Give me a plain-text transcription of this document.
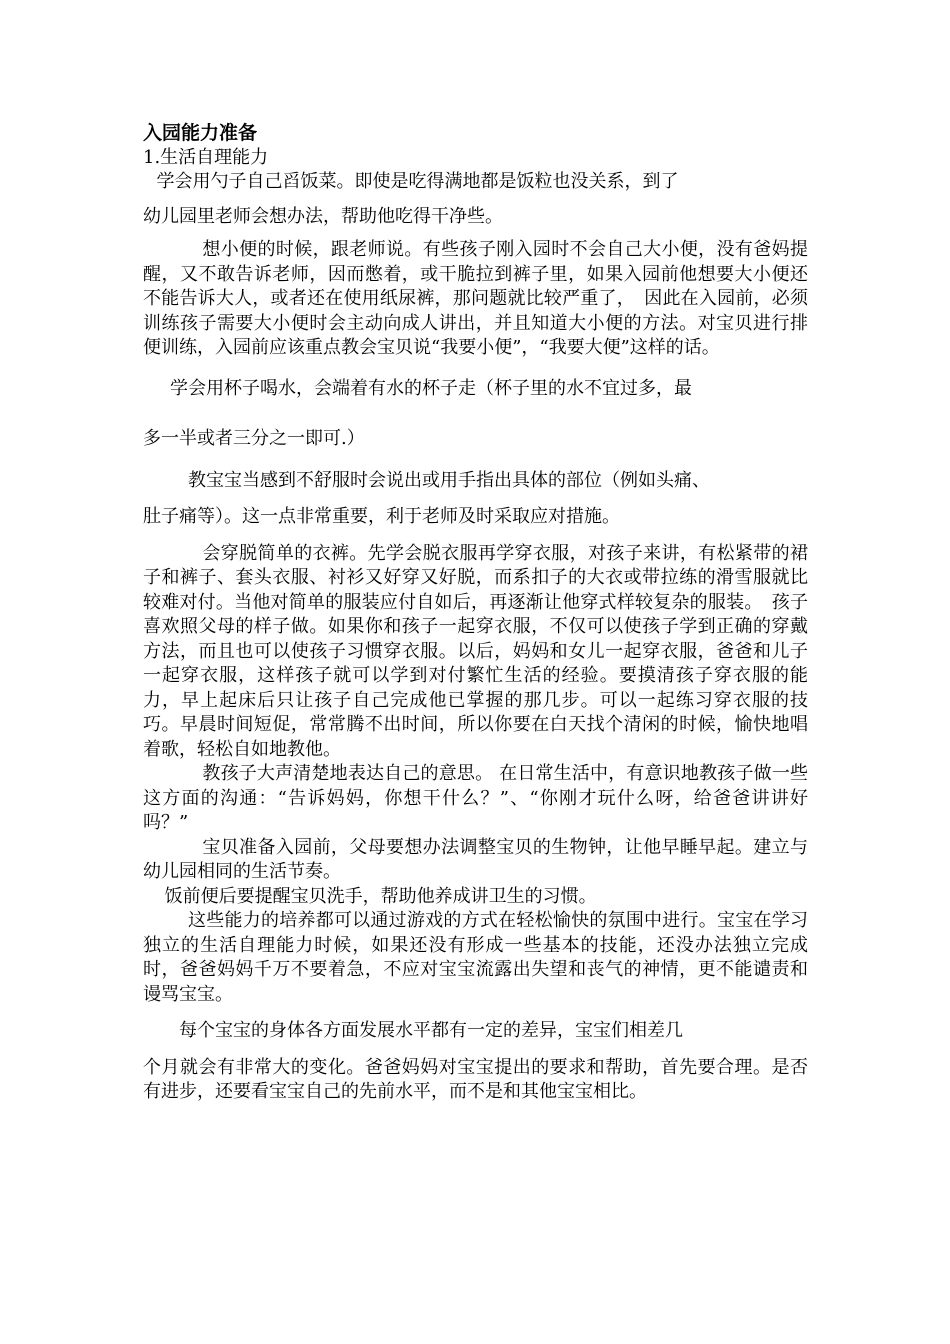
入园能力准备
1.生活自理能力

学会用勺子自己舀饭菜。即使是吃得满地都是饭粒也没关系，到了

幼儿园里老师会想办法，帮助他吃得干净些。

想小便的时候，跟老师说。有些孩子刚入园时不会自己大小便，没有爸妈提醒，又不敢告诉老师，因而憋着，或干脆拉到裤子里，如果入园前他想要大小便还不能告诉大人，或者还在使用纸尿裤，那问题就比较严重了，　因此在入园前，必须训练孩子需要大小便时会主动向成人讲出，并且知道大小便的方法。对宝贝进行排便训练，入园前应该重点教会宝贝说“我要小便”，“我要大便”这样的话。

学会用杯子喝水，会端着有水的杯子走（杯子里的水不宜过多，最

多一半或者三分之一即可.）

教宝宝当感到不舒服时会说出或用手指出具体的部位（例如头痛、

肚子痛等）。这一点非常重要，利于老师及时采取应对措施。

会穿脱简单的衣裤。先学会脱衣服再学穿衣服，对孩子来讲，有松紧带的裙子和裤子、套头衣服、衬衫又好穿又好脱，而系扣子的大衣或带拉练的滑雪服就比较难对付。当他对简单的服装应付自如后，再逐渐让他穿式样较复杂的服装。　孩子喜欢照父母的样子做。如果你和孩子一起穿衣服，不仅可以使孩子学到正确的穿戴方法，而且也可以使孩子习惯穿衣服。以后，妈妈和女儿一起穿衣服，爸爸和儿子一起穿衣服，这样孩子就可以学到对付繁忙生活的经验。要摸清孩子穿衣服的能力，早上起床后只让孩子自己完成他已掌握的那几步。可以一起练习穿衣服的技巧。早晨时间短促，常常腾不出时间，所以你要在白天找个清闲的时候，愉快地唱着歌，轻松自如地教他。

教孩子大声清楚地表达自己的意思。 在日常生活中，有意识地教孩子做一些这方面的沟通：“告诉妈妈，你想干什么？”、“你刚才玩什么呀，给爸爸讲讲好吗？”

宝贝准备入园前，父母要想办法调整宝贝的生物钟，让他早睡早起。建立与幼儿园相同的生活节奏。

饭前便后要提醒宝贝洗手，帮助他养成讲卫生的习惯。

这些能力的培养都可以通过游戏的方式在轻松愉快的氛围中进行。宝宝在学习独立的生活自理能力时候，如果还没有形成一些基本的技能，还没办法独立完成时，爸爸妈妈千万不要着急，不应对宝宝流露出失望和丧气的神情，更不能谴责和谩骂宝宝。

每个宝宝的身体各方面发展水平都有一定的差异，宝宝们相差几

个月就会有非常大的变化。爸爸妈妈对宝宝提出的要求和帮助，首先要合理。是否有进步，还要看宝宝自己的先前水平，而不是和其他宝宝相比。
